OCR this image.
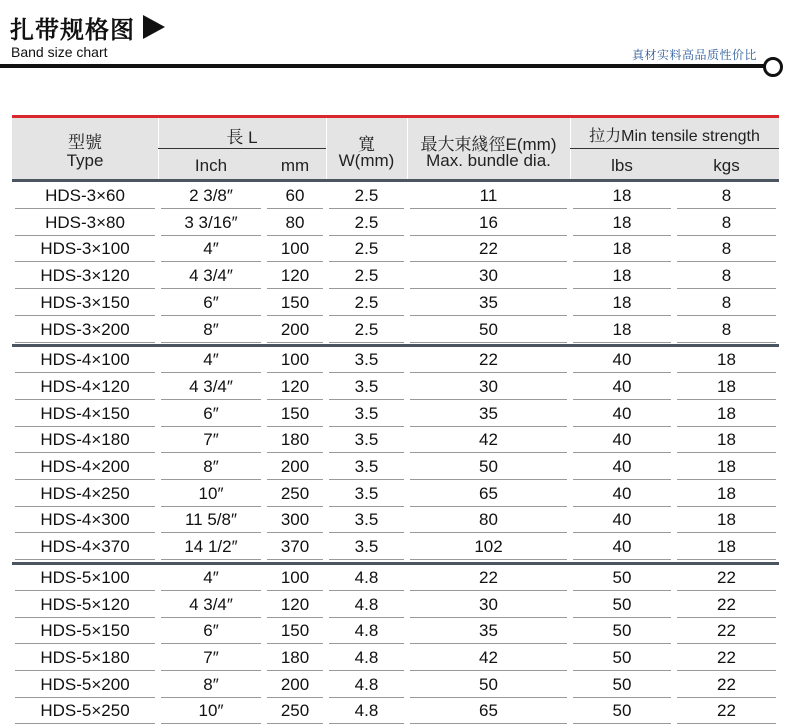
扎带规格图
Band size chart	真材实料高品质性价比
型號
Type
長 L
Inch	mm
寬
W(mm)
最大束綫徑E(mm)
Max. bundle dia.
拉力Min tensile strength
lbs	kgs
HDS-3×60	2 3/8″	60	2.5	11	18	8
HDS-3×80	3 3/16″	80	2.5	16	18	8
HDS-3×100	4″	100	2.5	22	18	8
HDS-3×120	4 3/4″	120	2.5	30	18	8
HDS-3×150	6″	150	2.5	35	18	8
HDS-3×200	8″	200	2.5	50	18	8
HDS-4×100	4″	100	3.5	22	40	18
HDS-4×120	4 3/4″	120	3.5	30	40	18
HDS-4×150	6″	150	3.5	35	40	18
HDS-4×180	7″	180	3.5	42	40	18
HDS-4×200	8″	200	3.5	50	40	18
HDS-4×250	10″	250	3.5	65	40	18
HDS-4×300	11 5/8″	300	3.5	80	40	18
HDS-4×370	14 1/2″	370	3.5	102	40	18
HDS-5×100	4″	100	4.8	22	50	22
HDS-5×120	4 3/4″	120	4.8	30	50	22
HDS-5×150	6″	150	4.8	35	50	22
HDS-5×180	7″	180	4.8	42	50	22
HDS-5×200	8″	200	4.8	50	50	22
HDS-5×250	10″	250	4.8	65	50	22
